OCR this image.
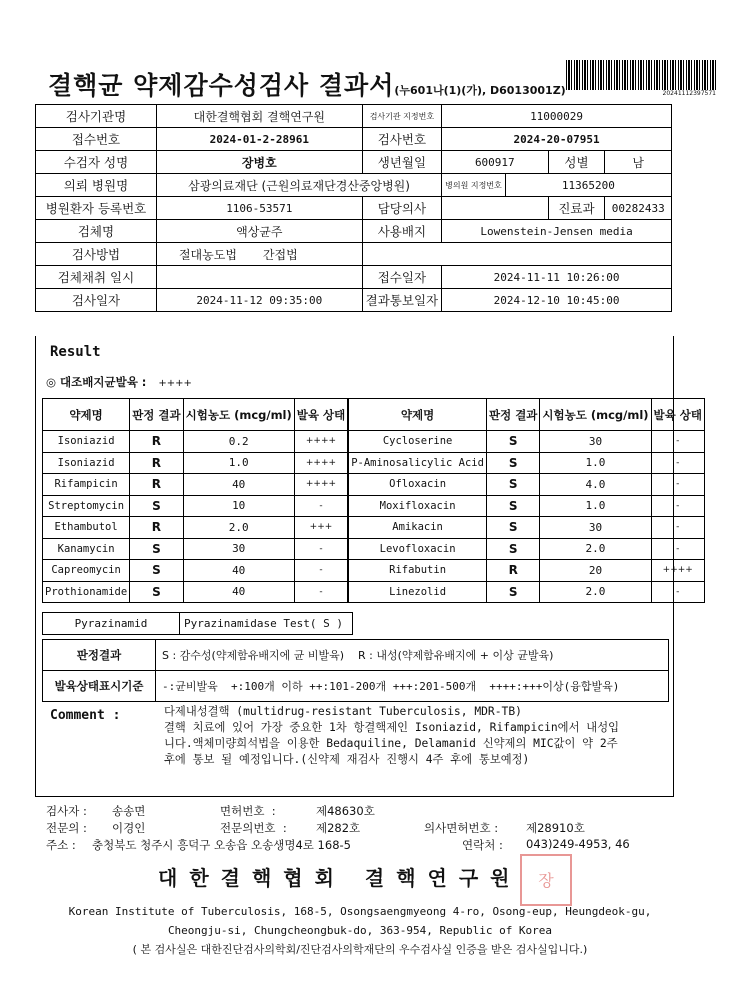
결핵균 약제감수성검사 결과서(누601나(1)(가), D6013001Z)	20241112397571
검사기관명	대한결핵협회 결핵연구원	검사기관 지정번호	11000029			
접수번호	2024-01-2-28961	검사번호	2024-20-07951			
수검자 성명	장병호	생년월일	600917		성별	남
의뢰 병원명	삼광의료재단 (근원의료재단경산중앙병원)		병의원 지정번호	11365200		
병원환자 등록번호	1106-53571	담당의사			진료과	00282433
검체명	액상균주	사용배지	Lowenstein-Jensen media			
검사방법	절대농도법 간접법					
검체채취 일시		접수일자	2024-11-11 10:26:00			
검사일자	2024-11-12 09:35:00	결과통보일자	2024-12-10 10:45:00			
Result
◎ 대조배지균발육 : ++++
약제명	판정 결과	시험농도 (mcg/ml)	발육 상태	약제명	판정 결과	시험농도 (mcg/ml)	발육 상태
Isoniazid	R	0.2	++++	Cycloserine	S	30	-
Isoniazid	R	1.0	++++	P-Aminosalicylic Acid	S	1.0	-
Rifampicin	R	40	++++	Ofloxacin	S	4.0	-
Streptomycin	S	10	-	Moxifloxacin	S	1.0	-
Ethambutol	R	2.0	+++	Amikacin	S	30	-
Kanamycin	S	30	-	Levofloxacin	S	2.0	-
Capreomycin	S	40	-	Rifabutin	R	20	++++
Prothionamide	S	40	-	Linezolid	S	2.0	-
Pyrazinamid	Pyrazinamidase Test( S )
판정결과	S : 감수성(약제함유배지에 균 비발육)    R : 내성(약제함유배지에 + 이상 균발육)
발육상태표시기준	-:균비발육  +:100개 이하 ++:101-200개 +++:201-500개  ++++:+++이상(융합발육)
Comment :	다제내성결핵 (multidrug-resistant Tuberculosis, MDR-TB)
결핵 치료에 있어 가장 중요한 1차 항결핵제인 Isoniazid, Rifampicin에서 내성입
니다.액체미량희석법을 이용한 Bedaquiline, Delamanid 신약제의 MIC값이 약 2주
후에 통보 될 예정입니다.(신약제 재검사 진행시 4주 후에 통보예정)
검사자 : 송송면	면허번호  :	제48630호
전문의 : 이경인	전문의번호  :	제282호	의사면허번호 : 제28910호
주소 : 충청북도 청주시 흥덕구 오송읍 오송생명4로 168-5	연락처 : 043)249-4953, 46
대한결핵협회 결핵연구원 장
Korean Institute of Tuberculosis, 168-5, Osongsaengmyeong 4-ro, Osong-eup, Heungdeok-gu,
Cheongju-si, Chungcheongbuk-do, 363-954, Republic of Korea
( 본 검사실은 대한진단검사의학회/진단검사의학재단의 우수검사실 인증을 받은 검사실입니다.)
